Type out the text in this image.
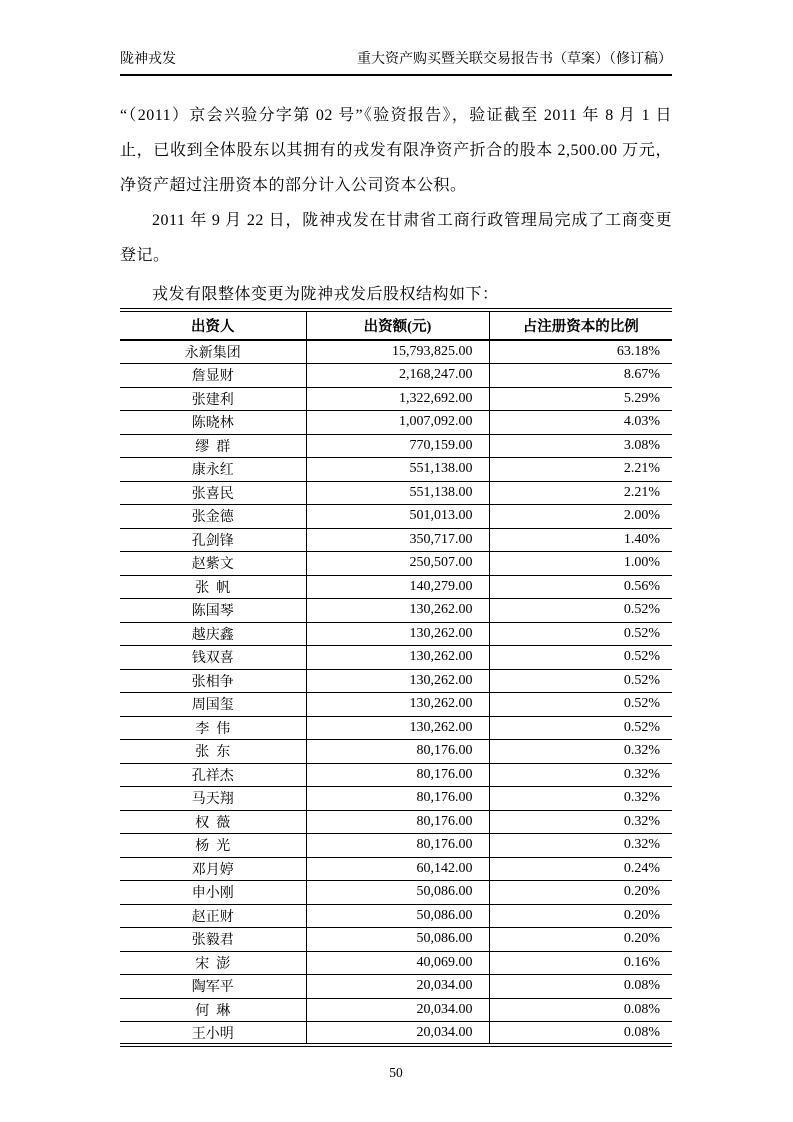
陇神戎发	重大资产购买暨关联交易报告书（草案）（修订稿）

“（2011）京会兴验分字第 02 号”《验资报告》，验证截至 2011 年 8 月 1 日止，已收到全体股东以其拥有的戎发有限净资产折合的股本 2,500.00 万元，净资产超过注册资本的部分计入公司资本公积。

2011 年 9 月 22 日，陇神戎发在甘肃省工商行政管理局完成了工商变更登记。

戎发有限整体变更为陇神戎发后股权结构如下：

出资人	出资额(元)	占注册资本的比例
永新集团	15,793,825.00	63.18%
詹显财	2,168,247.00	8.67%
张建利	1,322,692.00	5.29%
陈晓林	1,007,092.00	4.03%
缪 群	770,159.00	3.08%
康永红	551,138.00	2.21%
张喜民	551,138.00	2.21%
张金德	501,013.00	2.00%
孔剑锋	350,717.00	1.40%
赵紫文	250,507.00	1.00%
张 帆	140,279.00	0.56%
陈国琴	130,262.00	0.52%
越庆鑫	130,262.00	0.52%
钱双喜	130,262.00	0.52%
张相争	130,262.00	0.52%
周国玺	130,262.00	0.52%
李 伟	130,262.00	0.52%
张 东	80,176.00	0.32%
孔祥杰	80,176.00	0.32%
马天翔	80,176.00	0.32%
权 薇	80,176.00	0.32%
杨 光	80,176.00	0.32%
邓月婷	60,142.00	0.24%
申小刚	50,086.00	0.20%
赵正财	50,086.00	0.20%
张毅君	50,086.00	0.20%
宋 澎	40,069.00	0.16%
陶军平	20,034.00	0.08%
何 琳	20,034.00	0.08%
王小明	20,034.00	0.08%
50
